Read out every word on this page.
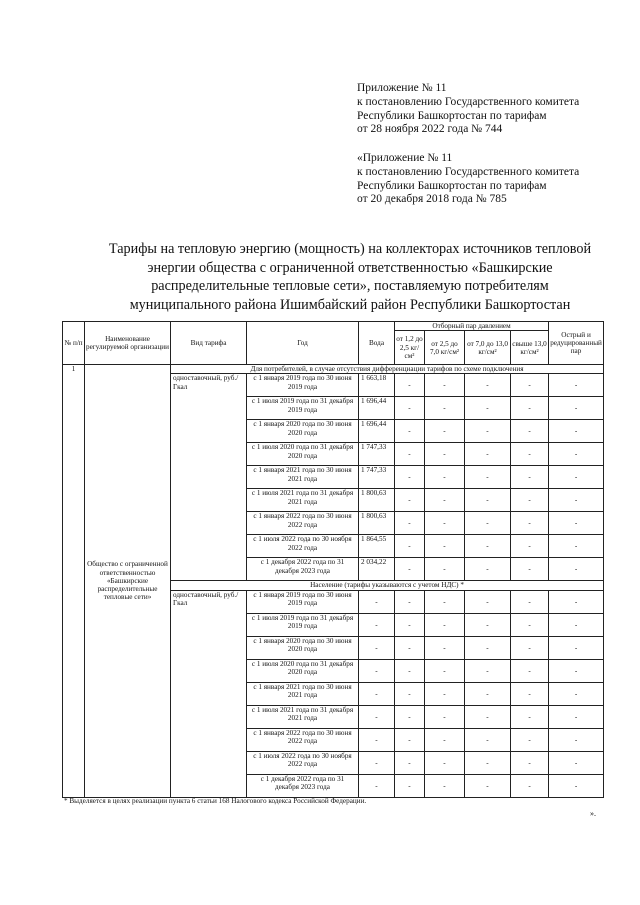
Приложение № 11
к постановлению Государственного комитета
Республики Башкортостан по тарифам
от 28 ноября 2022 года № 744
«Приложение № 11
к постановлению Государственного комитета
Республики Башкортостан по тарифам
от 20 декабря 2018 года № 785
Тарифы на тепловую энергию (мощность) на коллекторах источников тепловой
энергии общества с ограниченной ответственностью «Башкирские
распределительные тепловые сети», поставляемую потребителям
муниципального района Ишимбайский район Республики Башкортостан
№ п/п	Наименование регулируемой организации	Вид тарифа	Год	Вода	Отборный пар давлением				Острый и редуцированный пар
					от 1,2 до 2,5 кг/см²	от 2,5 до 7,0 кг/см²	от 7,0 до 13,0 кг/см²	свыше 13,0 кг/см²	
1	Общество с ограниченной ответственностью «Башкирские распределительные тепловые сети»	Для потребителей, в случае отсутствия дифференциации тарифов по схеме подключения							
		одноставочный, руб./Гкал	с 1 января 2019 года по 30 июня 2019 года	1 663,18	-	-	-	-	-
			с 1 июля 2019 года по 31 декабря 2019 года	1 696,44	-	-	-	-	-
			с 1 января 2020 года по 30 июня 2020 года	1 696,44	-	-	-	-	-
			с 1 июля 2020 года по 31 декабря 2020 года	1 747,33	-	-	-	-	-
			с 1 января 2021 года по 30 июня 2021 года	1 747,33	-	-	-	-	-
			с 1 июля 2021 года по 31 декабря 2021 года	1 800,63	-	-	-	-	-
			с 1 января 2022 года по 30 июня 2022 года	1 800,63	-	-	-	-	-
			с 1 июля 2022 года по 30 ноября 2022 года	1 864,55	-	-	-	-	-
			с 1 декабря 2022 года по 31 декабря 2023 года	2 034,22	-	-	-	-	-
		Население (тарифы указываются с учетом НДС) *							
		одноставочный, руб./Гкал	с 1 января 2019 года по 30 июня 2019 года	-	-	-	-	-	-
			с 1 июля 2019 года по 31 декабря 2019 года	-	-	-	-	-	-
			с 1 января 2020 года по 30 июня 2020 года	-	-	-	-	-	-
			с 1 июля 2020 года по 31 декабря 2020 года	-	-	-	-	-	-
			с 1 января 2021 года по 30 июня 2021 года	-	-	-	-	-	-
			с 1 июля 2021 года по 31 декабря 2021 года	-	-	-	-	-	-
			с 1 января 2022 года по 30 июня 2022 года	-	-	-	-	-	-
			с 1 июля 2022 года по 30 ноября 2022 года	-	-	-	-	-	-
			с 1 декабря 2022 года по 31 декабря 2023 года	-	-	-	-	-	-
* Выделяется в целях реализации пункта 6 статьи 168 Налогового кодекса Российской Федерации.
».
